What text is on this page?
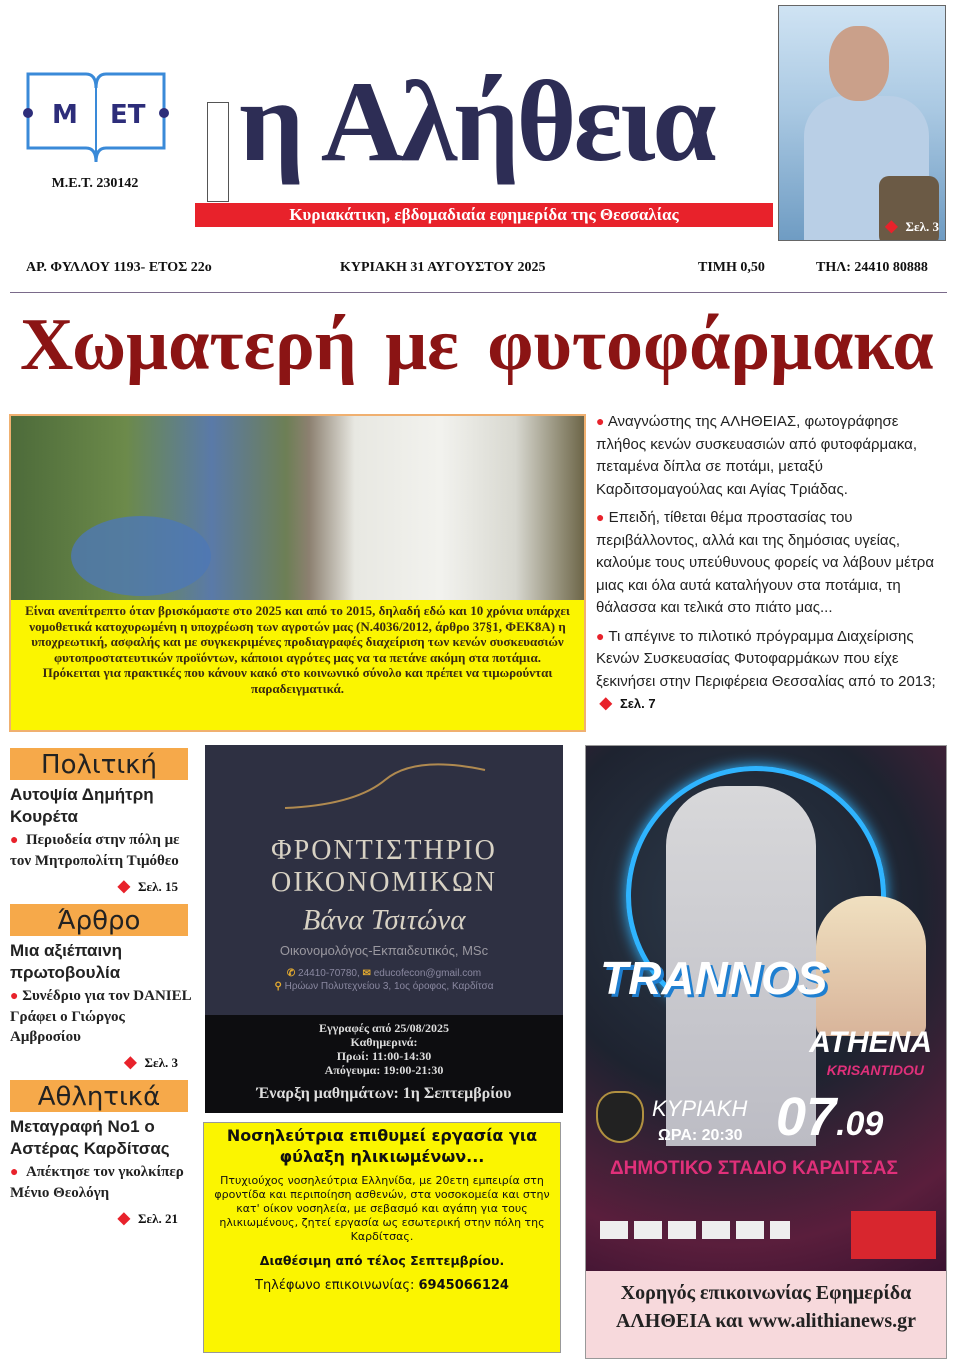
M ET
M.E.T. 230142 η Αλήθεια
Κυριακάτικη, εβδομαδιαία εφημερίδα της Θεσσαλίας
◆ Σελ. 3
ΑΡ. ΦΥΛΛΟΥ 1193- ΕΤΟΣ 22ο	ΚΥΡΙΑΚΗ 31 ΑΥΓΟΥΣΤΟΥ 2025	ΤΙΜΗ 0,50	ΤΗΛ: 24410 80888
Χωματερή με φυτοφάρμακα
Είναι ανεπίτρεπτο όταν βρισκόμαστε στο 2025 και από το 2015, δηλαδή εδώ και 10 χρόνια υπάρχει νομοθετικά κατοχυρωμένη η υποχρέωση των αγροτών μας (Ν.4036/2012, άρθρο 37§1, ΦΕΚ8Α) η υποχρεωτική, ασφαλής και με συγκεκριμένες προδιαγραφές διαχείριση των κενών συσκευασιών φυτοπροστατευτικών προϊόντων, κάποιοι αγρότες μας να τα πετάνε ακόμη στα ποτάμια.
Πρόκειται για πρακτικές που κάνουν κακό στο κοινωνικό σύνολο και πρέπει να τιμωρούνται παραδειγματικά.

● Αναγνώστης της ΑΛΗΘΕΙΑΣ, φωτογράφησε πλήθος κενών συσκευασιών από φυτοφάρμακα, πεταμένα δίπλα σε ποτάμι, μεταξύ Καρδιτσομαγούλας και Αγίας Τριάδας.

● Επειδή, τίθεται θέμα προστασίας του περιβάλλοντος, αλλά και της δημόσιας υγείας, καλούμε τους υπεύθυνους φορείς να λάβουν μέτρα μιας και όλα αυτά καταλήγουν στα ποτάμια, τη θάλασσα και τελικά στο πιάτο μας...

● Τι απέγινε το πιλοτικό πρόγραμμα Διαχείρισης Κενών Συσκευασίας Φυτοφαρμάκων που είχε ξεκινήσει στην Περιφέρεια Θεσσαλίας από το 2013;  ◆ Σελ. 7

Πολιτική
Αυτοψία Δημήτρη Κουρέτα
● Περιοδεία στην πόλη με τον Μητροπολίτη Τιμόθεο
◆ Σελ. 15
Άρθρο
Μια αξιέπαινη πρωτοβουλία
● Συνέδριο για τον DANIEL Γράφει ο Γιώργος Αμβροσίου
◆ Σελ. 3
Αθλητικά
Μεταγραφή Νο1 ο Αστέρας Καρδίτσας
● Απέκτησε τον γκολκίπερ Μένιο Θεολόγη
◆ Σελ. 21
ΦΡΟΝΤΙΣΤΗΡΙΟ
ΟΙΚΟΝΟΜΙΚΩΝ
Βάνα Τσιτώνα
Οικονομολόγος-Εκπαιδευτικός, MSc
✆ 24410-70780, ✉ educofecon@gmail.com
⚲ Ηρώων Πολυτεχνείου 3, 1ος όροφος, Καρδίτσα
Εγγραφές από 25/08/2025
Καθημερινά:
Πρωί: 11:00-14:30
Απόγευμα: 19:00-21:30
Έναρξη μαθημάτων: 1η Σεπτεμβρίου
Νοσηλεύτρια επιθυμεί εργασία για φύλαξη ηλικιωμένων...
Πτυχιούχος νοσηλεύτρια Ελληνίδα, με 20ετη εμπειρία στη φροντίδα και περιποίηση ασθενών, στα νοσοκομεία και στην κατ' οίκον νοσηλεία, με σεβασμό και αγάπη για τους ηλικιωμένους, ζητεί εργασία ως εσωτερική στην πόλη της Καρδίτσας.
Διαθέσιμη από τέλος Σεπτεμβρίου.
Τηλέφωνο επικοινωνίας: 6945066124
TRANNOS
ATHENA
KRISANTIDOU
ΚΥΡΙΑΚΗ
ΩΡΑ: 20:30 07.09
ΔΗΜΟΤΙΚΟ ΣΤΑΔΙΟ ΚΑΡΔΙΤΣΑΣ
Χορηγός επικοινωνίας Εφημερίδα
ΑΛΗΘΕΙΑ και www.alithianews.gr
